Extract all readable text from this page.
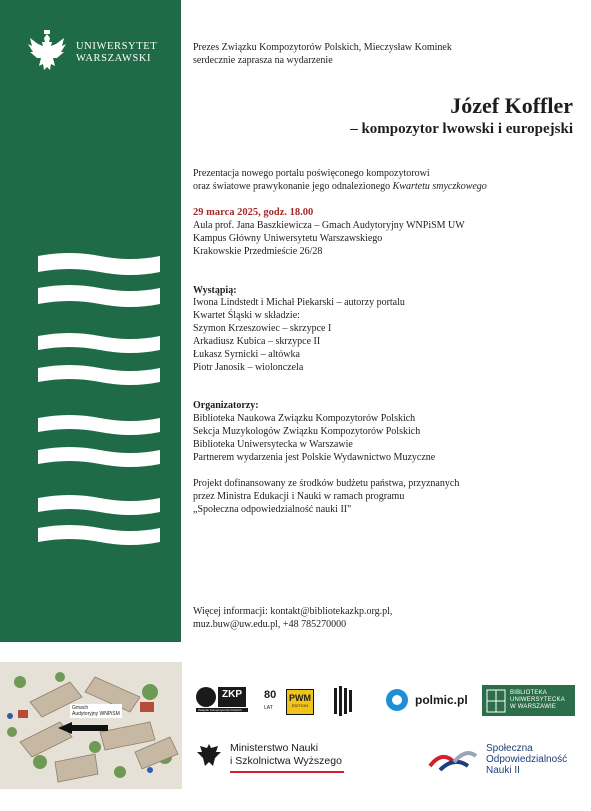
UNIWERSYTET
WARSZAWSKI
Prezes Związku Kompozytorów Polskich, Mieczysław Kominek
serdecznie zaprasza na wydarzenie
Józef Koffler
– kompozytor lwowski i europejski
Prezentacja nowego portalu poświęconego kompozytorowi
oraz światowe prawykonanie jego odnalezionego Kwartetu smyczkowego
29 marca 2025, godz. 18.00
Aula prof. Jana Baszkiewicza – Gmach Audytoryjny WNPiSM UW
Kampus Główny Uniwersytetu Warszawskiego
Krakowskie Przedmieście 26/28
Wystąpią:
Iwona Lindstedt i Michał Piekarski – autorzy portalu
Kwartet Śląski w składzie:
Szymon Krzeszowiec – skrzypce I
Arkadiusz Kubica – skrzypce II
Łukasz Syrnicki – altówka
Piotr Janosik – wiolonczela
Organizatorzy:
Biblioteka Naukowa Związku Kompozytorów Polskich
Sekcja Muzykologów Związku Kompozytorów Polskich
Biblioteka Uniwersytecka w Warszawie
Partnerem wydarzenia jest Polskie Wydawnictwo Muzyczne
Projekt dofinansowany ze środków budżetu państwa, przyznanych
przez Ministra Edukacji i Nauki w ramach programu
„Społeczna odpowiedzialność nauki II"
Więcej informacji: kontakt@bibliotekazkp.org.pl,
muz.buw@uw.edu.pl, +48 785270000
Gmach
Audytoryjny WNPiSM
ZKP
Związek Kompozytorów Polskich
80
LAT
PWM
EDITION	polmic.pl	BIBLIOTEKA
UNIWERSYTECKA
W WARSZAWIE
Ministerstwo Nauki
i Szkolnictwa Wyższego
Społeczna
Odpowiedzialność
Nauki II
